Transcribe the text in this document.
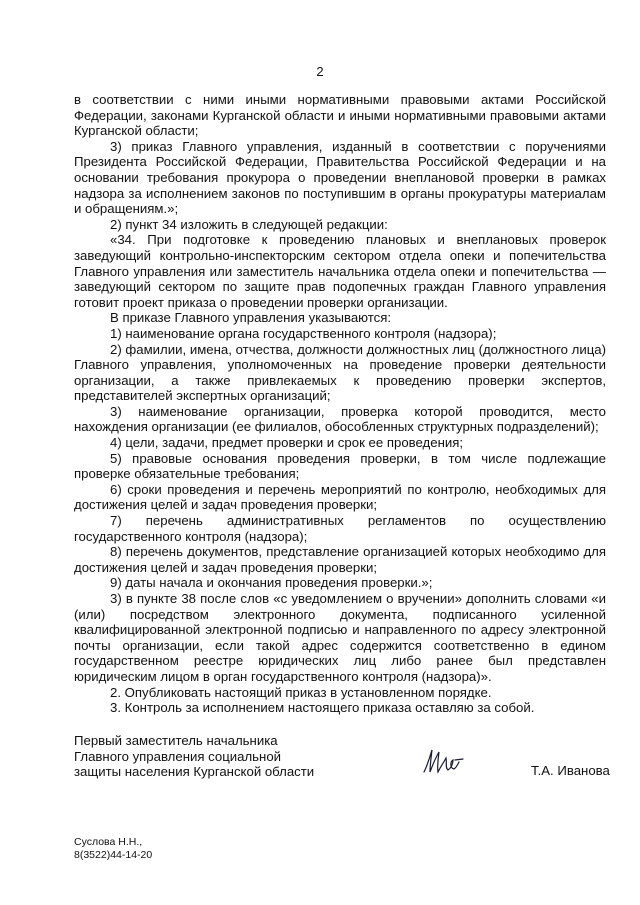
2

в соответствии с ними иными нормативными правовыми актами Российской Федерации, законами Курганской области и иными нормативными правовыми актами Курганской области;

3) приказ Главного управления, изданный в соответствии с поручениями Президента Российской Федерации, Правительства Российской Федерации и на основании требования прокурора о проведении внеплановой проверки в рамках надзора за исполнением законов по поступившим в органы прокуратуры материалам и обращениям.»;

2) пункт 34 изложить в следующей редакции:

«34. При подготовке к проведению плановых и внеплановых проверок заведующий контрольно-инспекторским сектором отдела опеки и попечительства Главного управления или заместитель начальника отдела опеки и попечительства — заведующий сектором по защите прав подопечных граждан Главного управления готовит проект приказа о проведении проверки организации.

В приказе Главного управления указываются:

1) наименование органа государственного контроля (надзора);

2) фамилии, имена, отчества, должности должностных лиц (должностного лица) Главного управления, уполномоченных на проведение проверки деятельности организации, а также привлекаемых к проведению проверки экспертов, представителей экспертных организаций;

3) наименование организации, проверка которой проводится, место нахождения организации (ее филиалов, обособленных структурных подразделений);

4) цели, задачи, предмет проверки и срок ее проведения;

5) правовые основания проведения проверки, в том числе подлежащие проверке обязательные требования;

6) сроки проведения и перечень мероприятий по контролю, необходимых для достижения целей и задач проведения проверки;

7) перечень административных регламентов по осуществлению государственного контроля (надзора);

8) перечень документов, представление организацией которых необходимо для достижения целей и задач проведения проверки;

9) даты начала и окончания проведения проверки.»;

3) в пункте 38 после слов «с уведомлением о вручении» дополнить словами «и (или) посредством электронного документа, подписанного усиленной квалифицированной электронной подписью и направленного по адресу электронной почты организации, если такой адрес содержится соответственно в едином государственном реестре юридических лиц либо ранее был представлен юридическим лицом в орган государственного контроля (надзора)».

2. Опубликовать настоящий приказ в установленном порядке.

3. Контроль за исполнением настоящего приказа оставляю за собой.

Первый заместитель начальника
Главного управления социальной
защиты населения Курганской области	Т.А. Иванова
Суслова Н.Н.,
8(3522)44-14-20
